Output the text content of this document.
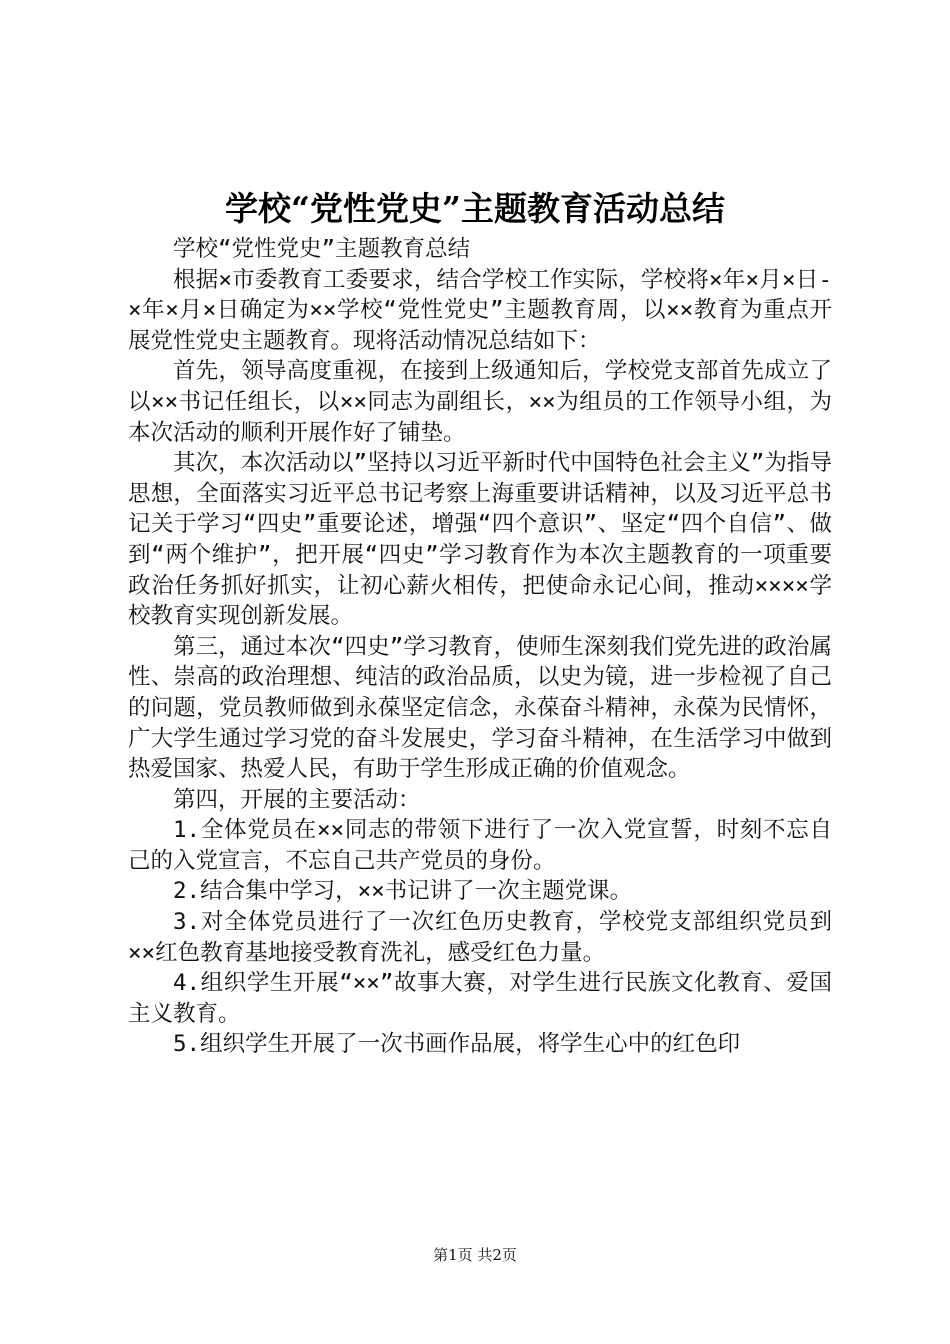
学校“党性党史”主题教育活动总结

学校“党性党史”主题教育总结

根据×市委教育工委要求，结合学校工作实际，学校将×年×月×日-×年×月×日确定为××学校“党性党史”主题教育周，以××教育为重点开展党性党史主题教育。现将活动情况总结如下：

首先，领导高度重视，在接到上级通知后，学校党支部首先成立了以××书记任组长，以××同志为副组长，××为组员的工作领导小组，为本次活动的顺利开展作好了铺垫。

其次，本次活动以”坚持以习近平新时代中国特色社会主义”为指导思想，全面落实习近平总书记考察上海重要讲话精神，以及习近平总书记关于学习“四史”重要论述，增强“四个意识”、坚定“四个自信”、做到“两个维护”，把开展“四史”学习教育作为本次主题教育的一项重要政治任务抓好抓实，让初心薪火相传，把使命永记心间，推动××××学校教育实现创新发展。

第三，通过本次“四史”学习教育，使师生深刻我们党先进的政治属性、崇高的政治理想、纯洁的政治品质，以史为镜，进一步检视了自己的问题，党员教师做到永葆坚定信念，永葆奋斗精神，永葆为民情怀，广大学生通过学习党的奋斗发展史，学习奋斗精神，在生活学习中做到热爱国家、热爱人民，有助于学生形成正确的价值观念。

第四，开展的主要活动：

1.全体党员在××同志的带领下进行了一次入党宣誓，时刻不忘自己的入党宣言，不忘自己共产党员的身份。

2.结合集中学习，××书记讲了一次主题党课。

3.对全体党员进行了一次红色历史教育，学校党支部组织党员到××红色教育基地接受教育洗礼，感受红色力量。

4.组织学生开展“××”故事大赛，对学生进行民族文化教育、爱国主义教育。

5.组织学生开展了一次书画作品展，将学生心中的红色印

第1页 共2页
